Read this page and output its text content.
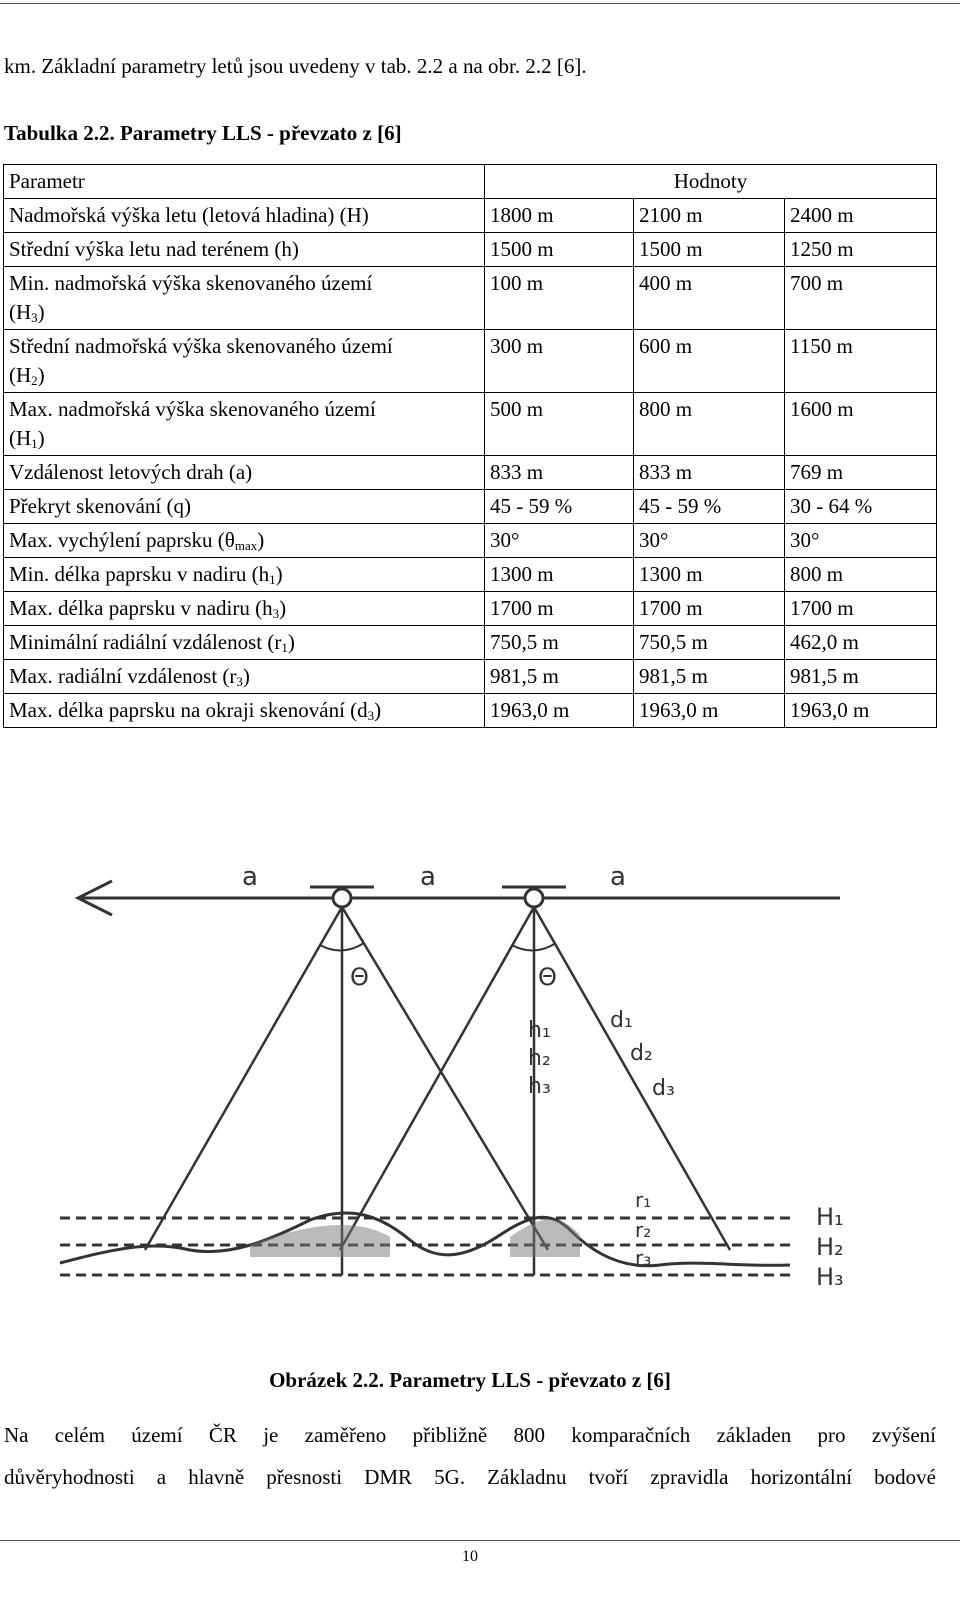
km. Základní parametry letů jsou uvedeny v tab. 2.2 a na obr. 2.2 [6].
Tabulka 2.2. Parametry LLS - převzato z [6]
Parametr	Hodnoty		
Nadmořská výška letu (letová hladina) (H)	1800 m	2100 m	2400 m
Střední výška letu nad terénem (h)	1500 m	1500 m	1250 m

Min. nadmořská výška skenovaného území
$(H_3)$	100 m	400 m	700 m

Střední nadmořská výška skenovaného území
$(H_2)$	300 m	600 m	1150 m

Max. nadmořská výška skenovaného území
$(H_1)$	500 m	800 m	1600 m
Vzdálenost letových drah (a)	833 m	833 m	769 m
Překryt skenování (q)	45 - 59 %	45 - 59 %	30 - 64 %
Max. vychýlení paprsku $(\theta_{max})$	30°	30°	30°
Min. délka paprsku v nadiru $(h_1)$	1300 m	1300 m	800 m
Max. délka paprsku v nadiru $(h_3)$	1700 m	1700 m	1700 m
Minimální radiální vzdálenost $(r_1)$	750,5 m	750,5 m	462,0 m
Max. radiální vzdálenost $(r_3)$	981,5 m	981,5 m	981,5 m
Max. délka paprsku na okraji skenování $(d_3)$	1963,0 m	1963,0 m	1963,0 m
a	a	a
Θ	Θ
h₁
h₂
h₃
d₁
d₂
d₃
r₁
r₂
r₃
H₁
H₂
H₃
Obrázek 2.2. Parametry LLS - převzato z [6]
Na celém území ČR je zaměřeno přibližně 800 komparačních základen pro zvýšení
důvěryhodnosti a hlavně přesnosti DMR 5G. Základnu tvoří zpravidla horizontální bodové
10
